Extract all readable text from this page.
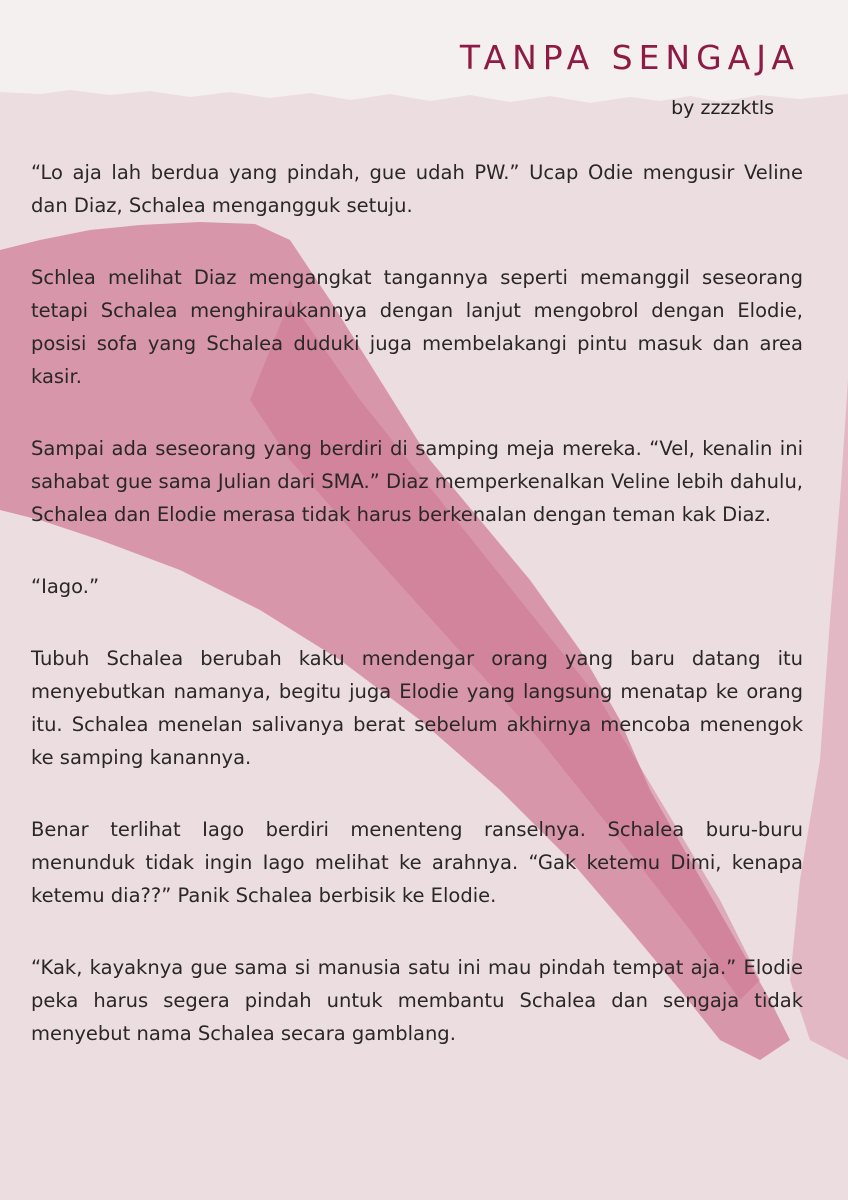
TANPA SENGAJA
by zzzzktls

“Lo aja lah berdua yang pindah, gue udah PW.” Ucap Odie mengusir Veline dan Diaz, Schalea mengangguk setuju.

Schlea melihat Diaz mengangkat tangannya seperti memanggil seseorang tetapi Schalea menghiraukannya dengan lanjut mengobrol dengan Elodie, posisi sofa yang Schalea duduki juga membelakangi pintu masuk dan area kasir.

Sampai ada seseorang yang berdiri di samping meja mereka. “Vel, kenalin ini sahabat gue sama Julian dari SMA.” Diaz memperkenalkan Veline lebih dahulu, Schalea dan Elodie merasa tidak harus berkenalan dengan teman kak Diaz.

“Iago.”

Tubuh Schalea berubah kaku mendengar orang yang baru datang itu menyebutkan namanya, begitu juga Elodie yang langsung menatap ke orang itu. Schalea menelan salivanya berat sebelum akhirnya mencoba menengok ke samping kanannya.

Benar terlihat Iago berdiri menenteng ranselnya. Schalea buru-buru menunduk tidak ingin Iago melihat ke arahnya. “Gak ketemu Dimi, kenapa ketemu dia??” Panik Schalea berbisik ke Elodie.

“Kak, kayaknya gue sama si manusia satu ini mau pindah tempat aja.” Elodie peka harus segera pindah untuk membantu Schalea dan sengaja tidak menyebut nama Schalea secara gamblang.
